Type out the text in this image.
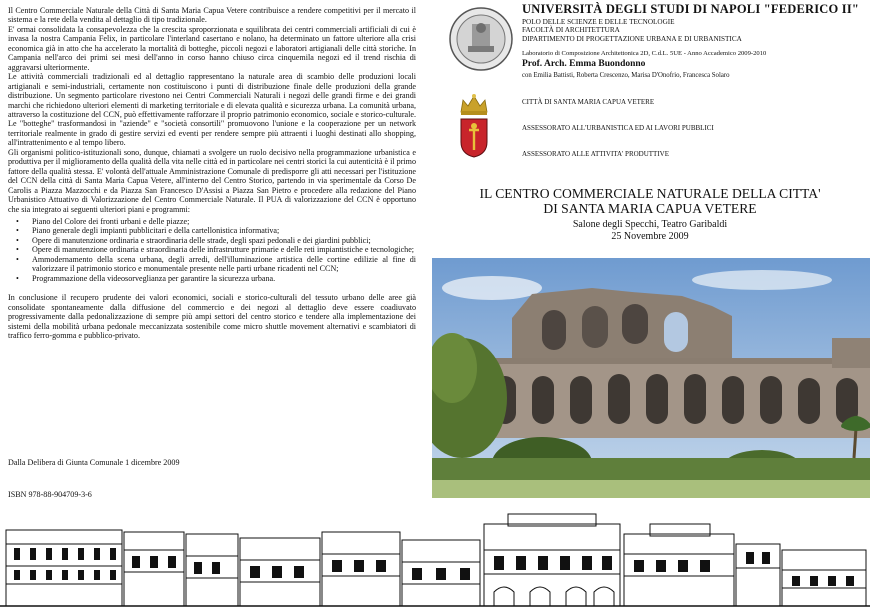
Il Centro Commerciale Naturale della Città di Santa Maria Capua Vetere contribuisce a rendere competitivi per il mercato il sistema e la rete della vendita al dettaglio di tipo tradizionale.

E' ormai consolidata la consapevolezza che la crescita sproporzionata e squilibrata dei centri commerciali artificiali di cui è invasa la nostra Campania Felix, in particolare l'interland casertano e nolano, ha determinato un fattore ulteriore alla crisi economica già in atto che ha accelerato la mortalità di botteghe, piccoli negozi e laboratori artigianali delle città storiche. In Campania nell'arco dei primi sei mesi dell'anno in corso hanno chiuso circa cinquemila negozi ed il trend rischia di aggravarsi ulteriormente.

Le attività commerciali tradizionali ed al dettaglio rappresentano la naturale area di scambio delle produzioni locali artigianali e semi-industriali, certamente non costituiscono i punti di distribuzione finale delle produzioni della grande distribuzione. Un segmento particolare rivestono nei Centri Commerciali Naturali i negozi delle grandi firme e dei grandi marchi che richiedono ulteriori elementi di marketing territoriale e di elevata qualità e sicurezza urbana. La comunità urbana, attraverso la costituzione del CCN, può effettivamente rafforzare il proprio patrimonio economico, sociale e storico-culturale. Le "botteghe" trasformandosi in "aziende" e "società consortili" promuovono l'unione e la cooperazione per un network territoriale realmente in grado di gestire servizi ed eventi per rendere sempre più attraenti i luoghi destinati allo shopping, all'intrattenimento e al tempo libero.

Gli organismi politico-istituzionali sono, dunque, chiamati a svolgere un ruolo decisivo nella programmazione urbanistica e produttiva per il miglioramento della qualità della vita nelle città ed in particolare nei centri storici la cui autenticità è il primo fattore della qualità stessa. E' volontà dell'attuale Amministrazione Comunale di predisporre gli atti necessari per l'istituzione del CCN della città di Santa Maria Capua Vetere, all'interno del Centro Storico, partendo in via sperimentale da Corso De Carolis a Piazza Mazzocchi e da Piazza San Francesco D'Assisi a Piazza San Pietro e procedere alla redazione del Piano Urbanistico Attuativo di Valorizzazione del Centro Commerciale Naturale. Il PUA di valorizzazione del CCN è opportuno che sia integrato ai seguenti ulteriori piani e programmi:

• Piano del Colore dei fronti urbani e delle piazze;
• Piano generale degli impianti pubblicitari e della cartellonistica informativa;
• Opere di manutenzione ordinaria e straordinaria delle strade, degli spazi pedonali e dei giardini pubblici;
• Opere di manutenzione ordinaria e straordinaria delle infrastrutture primarie e delle reti impiantistiche e tecnologiche;
• Ammodernamento della scena urbana, degli arredi, dell'illuminazione artistica delle cortine edilizie al fine di valorizzare il patrimonio storico e monumentale presente nelle parti urbane ricadenti nel CCN;
• Programmazione della videosorveglianza per garantire la sicurezza urbana.

In conclusione il recupero prudente dei valori economici, sociali e storico-culturali del tessuto urbano delle aree già consolidate spontaneamente dalla diffusione del commercio e dei negozi al dettaglio deve essere coadiuvato progressivamente dalla pedonalizzazione di sempre più ampi settori del centro storico e tendere alla implementazione dei sistemi della mobilità urbana pedonale meccanizzata sostenibile come micro shuttle movement alternativi e scambiatori di traffico ferro-gomma e pubblico-privato.

Dalla Delibera di Giunta Comunale 1 dicembre 2009
ISBN 978-88-904709-3-6
UNIVERSITÀ DEGLI STUDI DI NAPOLI "FEDERICO II"
POLO DELLE SCIENZE E DELLE TECNOLOGIE
FACOLTÀ DI ARCHITETTURA
DIPARTIMENTO DI PROGETTAZIONE URBANA E DI URBANISTICA
Laboratorio di Composizione Architettonica 2D, C.d.L. 5UE - Anno Accademico 2009-2010
Prof. Arch. Emma Buondonno
con Emilia Battisti, Roberta Crescenzo, Marisa D'Onofrio, Francesca Solaro
CITTÀ DI SANTA MARIA CAPUA VETERE
ASSESSORATO ALL'URBANISTICA ED AI LAVORI PUBBLICI
ASSESSORATO ALLE ATTIVITA' PRODUTTIVE
IL CENTRO COMMERCIALE NATURALE DELLA CITTA'
DI SANTA MARIA CAPUA VETERE
Salone degli Specchi, Teatro Garibaldi
25 Novembre 2009
